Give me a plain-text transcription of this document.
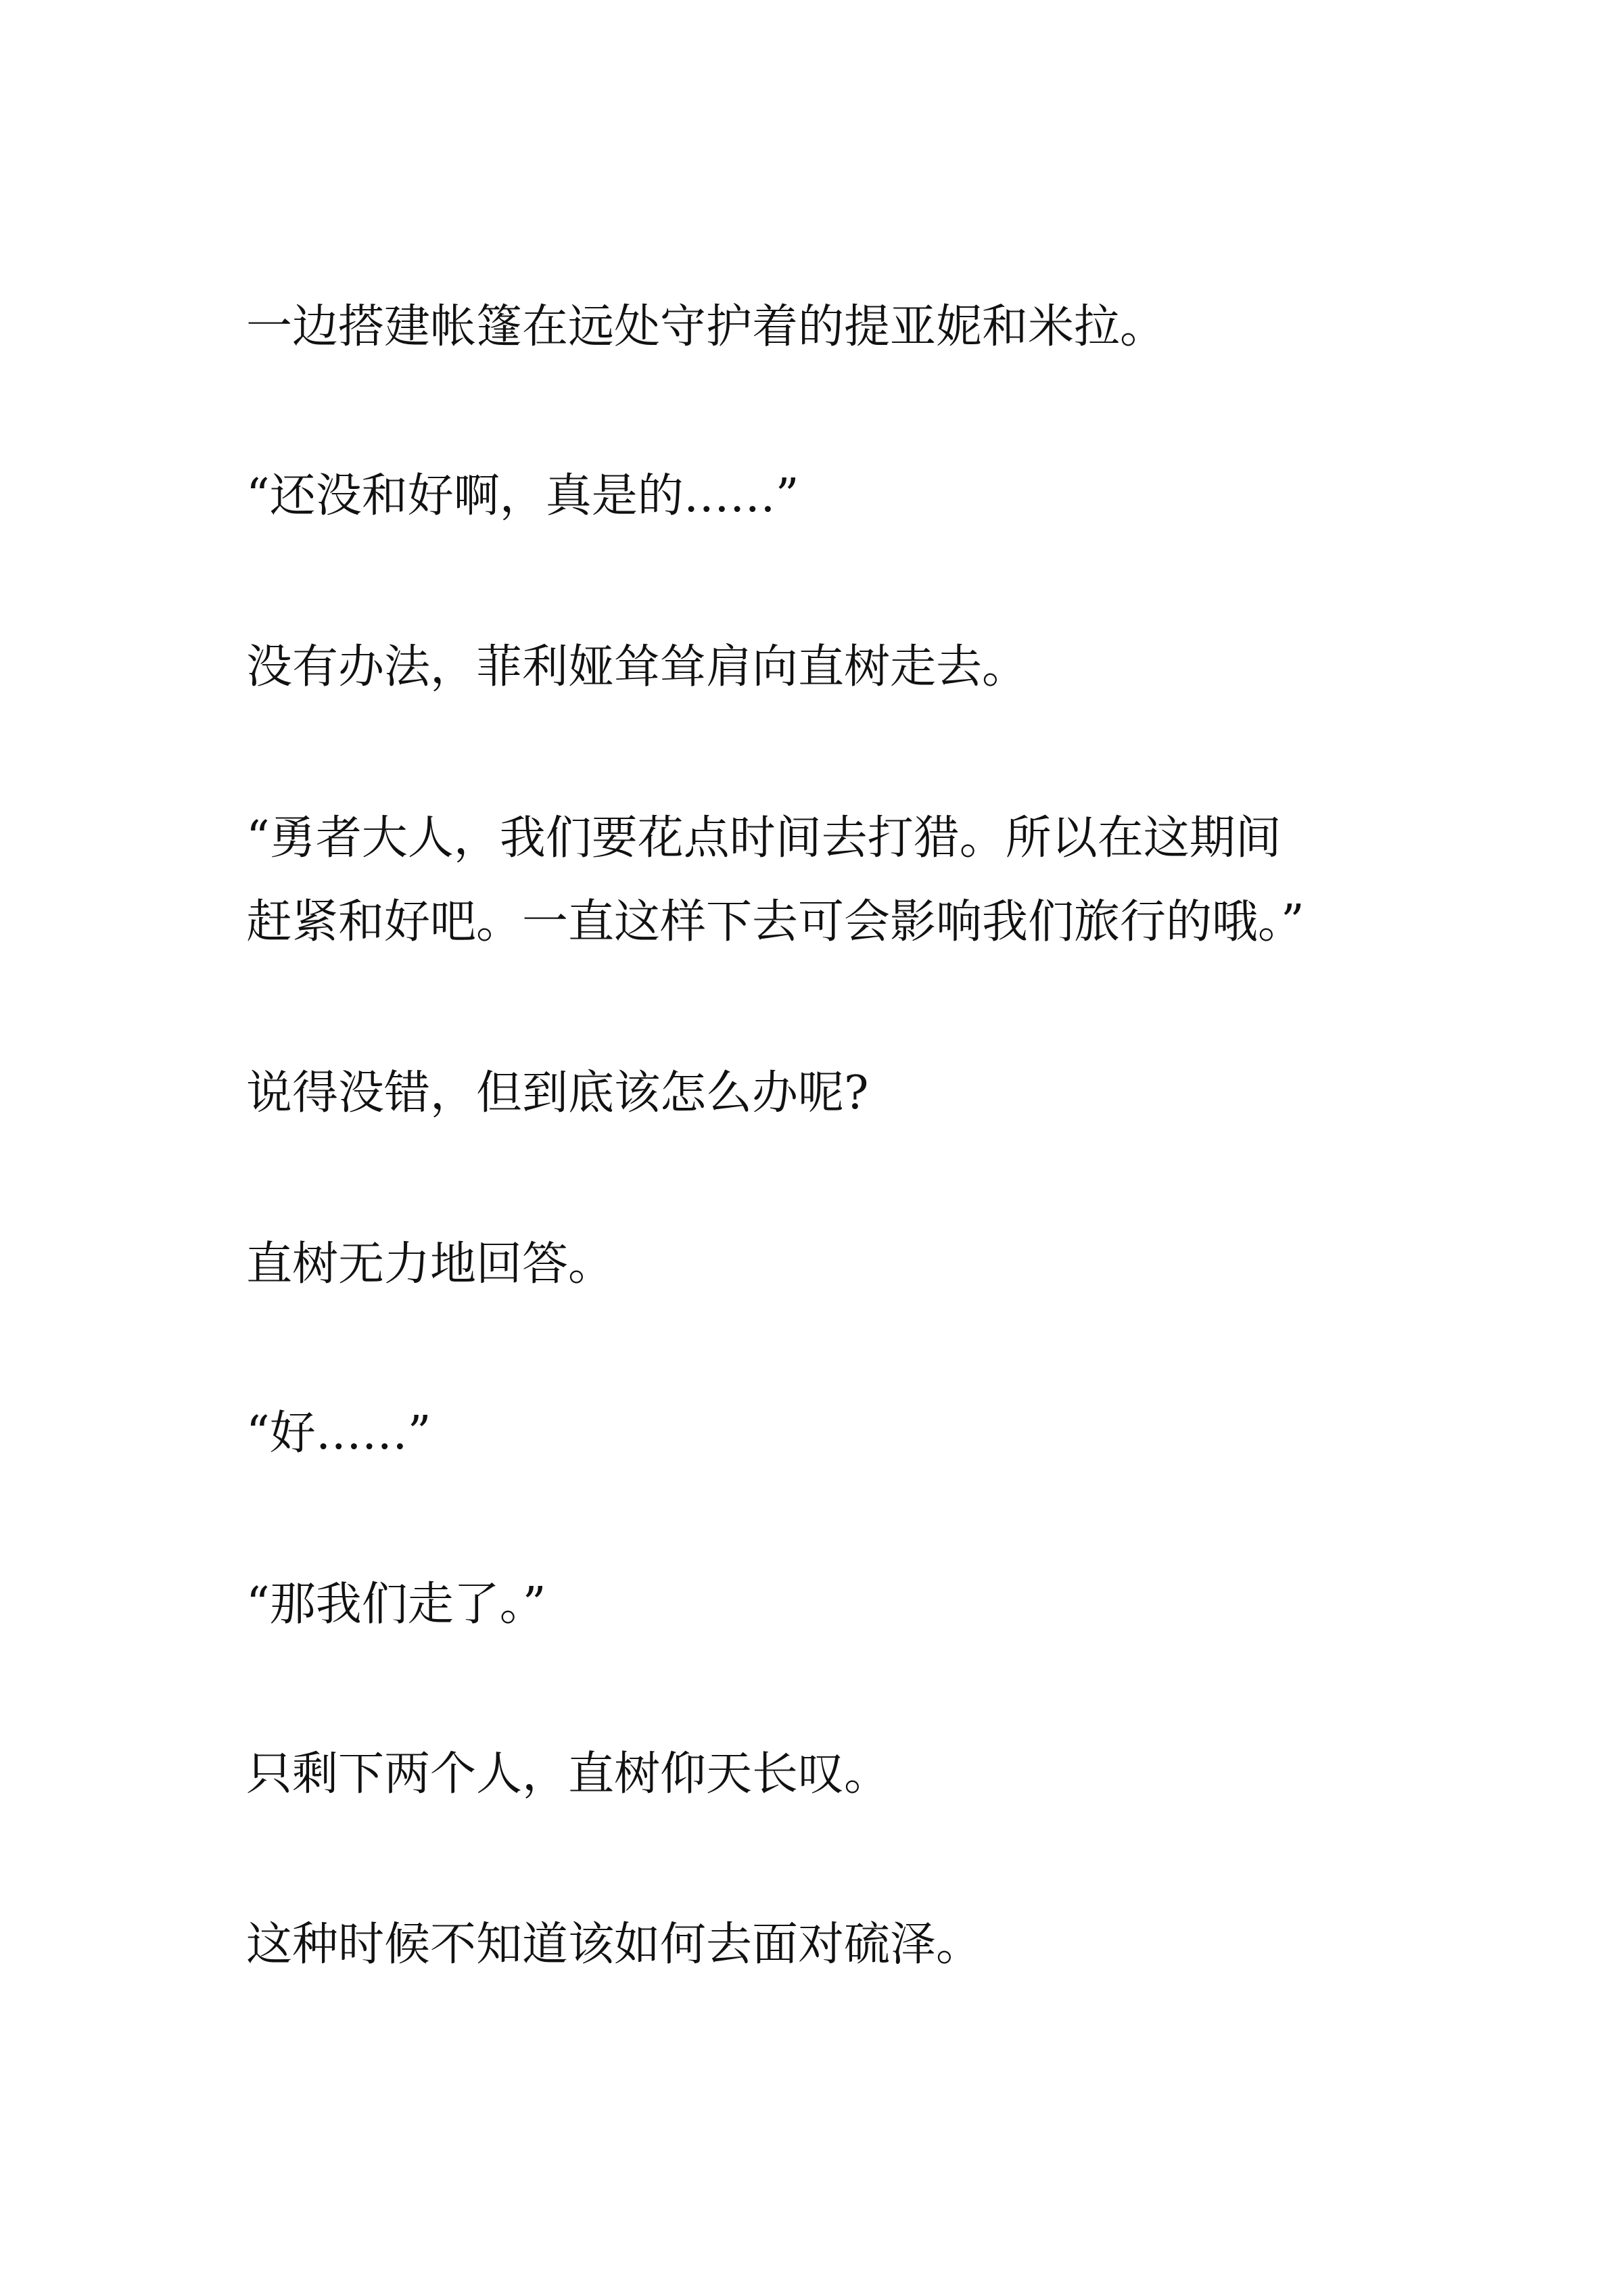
一边搭建帐篷在远处守护着的提亚妮和米拉。

“还没和好啊，真是的……”

没有办法，菲利娅耸耸肩向直树走去。

“勇者大人，我们要花点时间去打猎。所以在这期间
赶紧和好吧。一直这样下去可会影响我们旅行的哦。”

说得没错，但到底该怎么办呢?

直树无力地回答。

“好……”

“那我们走了。”

只剩下两个人，直树仰天长叹。

这种时候不知道该如何去面对硫泽。
